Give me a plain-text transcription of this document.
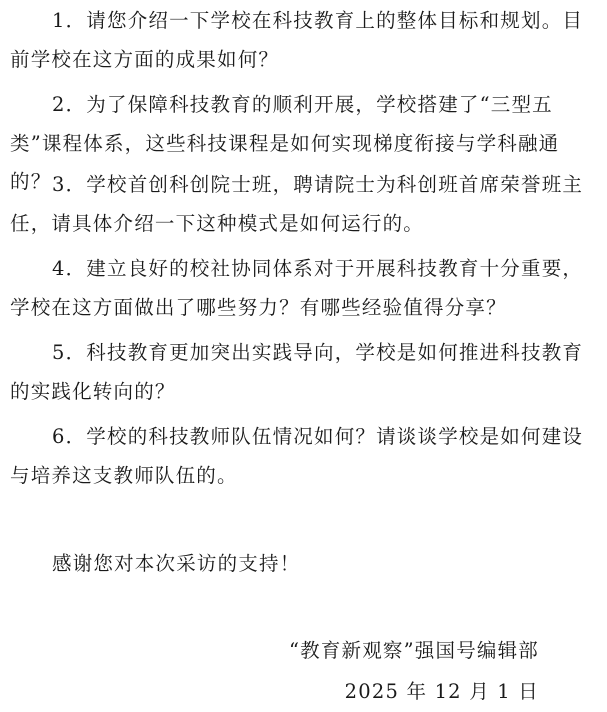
1．请您介绍一下学校在科技教育上的整体目标和规划。目前学校在这方面的成果如何？

2．为了保障科技教育的顺利开展，学校搭建了“三型五类”课程体系，这些科技课程是如何实现梯度衔接与学科融通的？ 3．学校首创科创院士班，聘请院士为科创班首席荣誉班主任，请具体介绍一下这种模式是如何运行的。

4．建立良好的校社协同体系对于开展科技教育十分重要，学校在这方面做出了哪些努力？有哪些经验值得分享？

5．科技教育更加突出实践导向，学校是如何推进科技教育的实践化转向的？

6．学校的科技教师队伍情况如何？请谈谈学校是如何建设与培养这支教师队伍的。

感谢您对本次采访的支持！

“教育新观察”强国号编辑部

2025 年 12 月 1 日
